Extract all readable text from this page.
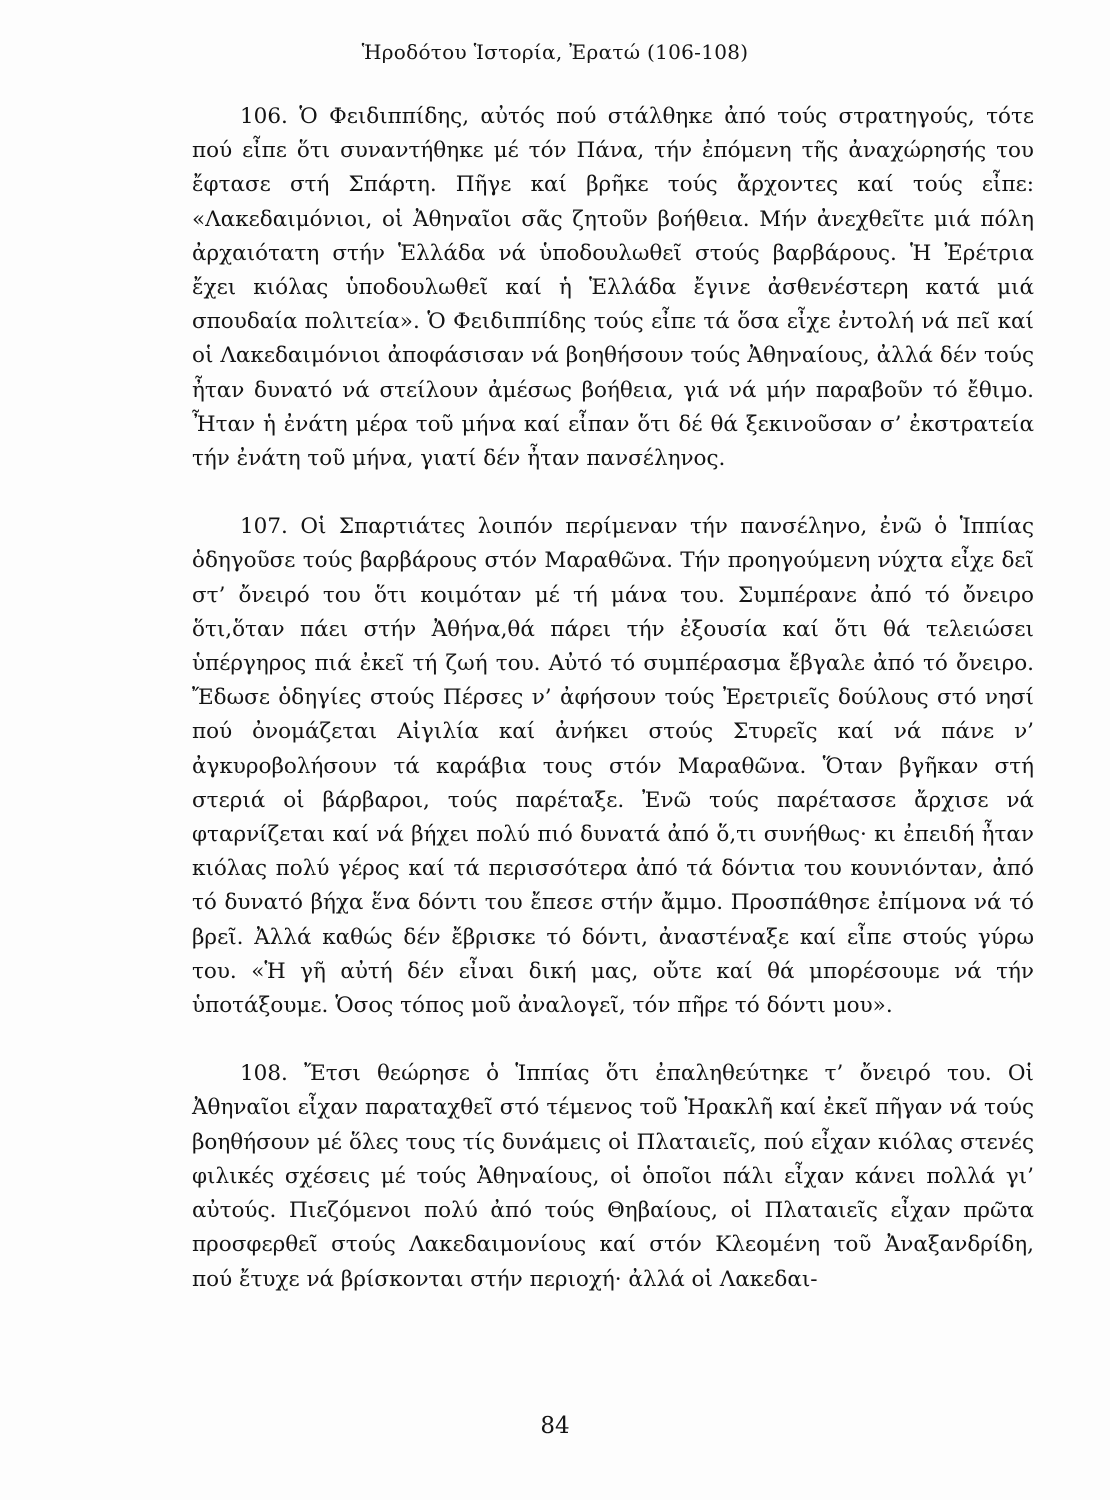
Ἡροδότου Ἱστορία, Ἐρατώ (106-108)

106. Ὁ Φειδιππίδης, αὐτός πού στάλθηκε ἀπό τούς στρατηγούς, τότε πού εἶπε ὅτι συναντήθηκε μέ τόν Πάνα, τήν ἐπόμενη τῆς ἀναχώρησής του ἔφτασε στή Σπάρτη. Πῆγε καί βρῆκε τούς ἄρχοντες καί τούς εἶπε: «Λακεδαιμόνιοι, οἱ Ἀθηναῖοι σᾶς ζητοῦν βοήθεια. Μήν ἀνεχθεῖτε μιά πόλη ἀρχαιότατη στήν Ἑλλάδα νά ὑποδουλωθεῖ στούς βαρβάρους. Ἡ Ἐρέτρια ἔχει κιόλας ὑποδουλωθεῖ καί ἡ Ἑλλάδα ἔγινε ἀσθενέστερη κατά μιά σπουδαία πολιτεία». Ὁ Φειδιππίδης τούς εἶπε τά ὅσα εἶχε ἐντολή νά πεῖ καί οἱ Λακεδαιμόνιοι ἀποφάσισαν νά βοηθήσουν τούς Ἀθηναίους, ἀλλά δέν τούς ἦταν δυνατό νά στείλουν ἀμέσως βοήθεια, γιά νά μήν παραβοῦν τό ἔθιμο. Ἦταν ἡ ἐνάτη μέρα τοῦ μήνα καί εἶπαν ὅτι δέ θά ξεκινοῦσαν σ’ ἐκστρατεία τήν ἐνάτη τοῦ μήνα, γιατί δέν ἦταν πανσέληνος.

107. Οἱ Σπαρτιάτες λοιπόν περίμεναν τήν πανσέληνο, ἐνῶ ὁ Ἱππίας ὁδηγοῦσε τούς βαρβάρους στόν Μαραθῶνα. Τήν προηγούμενη νύχτα εἶχε δεῖ στ’ ὄνειρό του ὅτι κοιμόταν μέ τή μάνα του. Συμπέρανε ἀπό τό ὄνειρο ὅτι,ὅταν πάει στήν Ἀθήνα,θά πάρει τήν ἐξουσία καί ὅτι θά τελειώσει ὑπέργηρος πιά ἐκεῖ τή ζωή του. Αὐτό τό συμπέρασμα ἔβγαλε ἀπό τό ὄνειρο. Ἔδωσε ὁδηγίες στούς Πέρσες ν’ ἀφήσουν τούς Ἐρετριεῖς δούλους στό νησί πού ὀνομάζεται Αἰγιλία καί ἀνήκει στούς Στυρεῖς καί νά πάνε ν’ ἀγκυροβολήσουν τά καράβια τους στόν Μαραθῶνα. Ὅταν βγῆκαν στή στεριά οἱ βάρβαροι, τούς παρέταξε. Ἐνῶ τούς παρέτασσε ἄρχισε νά φταρνίζεται καί νά βήχει πολύ πιό δυνατά ἀπό ὅ,τι συνήθως· κι ἐπειδή ἦταν κιόλας πολύ γέρος καί τά περισσότερα ἀπό τά δόντια του κουνιόνταν, ἀπό τό δυνατό βήχα ἕνα δόντι του ἔπεσε στήν ἄμμο. Προσπάθησε ἐπίμονα νά τό βρεῖ. Ἀλλά καθώς δέν ἔβρισκε τό δόντι, ἀναστέναξε καί εἶπε στούς γύρω του. «Ἡ γῆ αὐτή δέν εἶναι δική μας, οὔτε καί θά μπορέσουμε νά τήν ὑποτάξουμε. Ὁσος τόπος μοῦ ἀναλογεῖ, τόν πῆρε τό δόντι μου».

108. Ἔτσι θεώρησε ὁ Ἱππίας ὅτι ἐπαληθεύτηκε τ’ ὄνειρό του. Οἱ Ἀθηναῖοι εἶχαν παραταχθεῖ στό τέμενος τοῦ Ἡρακλῆ καί ἐκεῖ πῆγαν νά τούς βοηθήσουν μέ ὅλες τους τίς δυνάμεις οἱ Πλαταιεῖς, πού εἶχαν κιόλας στενές φιλικές σχέσεις μέ τούς Ἀθηναίους, οἱ ὁποῖοι πάλι εἶχαν κάνει πολλά γι’ αὐτούς. Πιεζόμενοι πολύ ἀπό τούς Θηβαίους, οἱ Πλαταιεῖς εἶχαν πρῶτα προσφερθεῖ στούς Λακεδαιμονίους καί στόν Κλεομένη τοῦ Ἀναξανδρίδη, πού ἔτυχε νά βρίσκονται στήν περιοχή· ἀλλά οἱ Λακεδαι-

84
